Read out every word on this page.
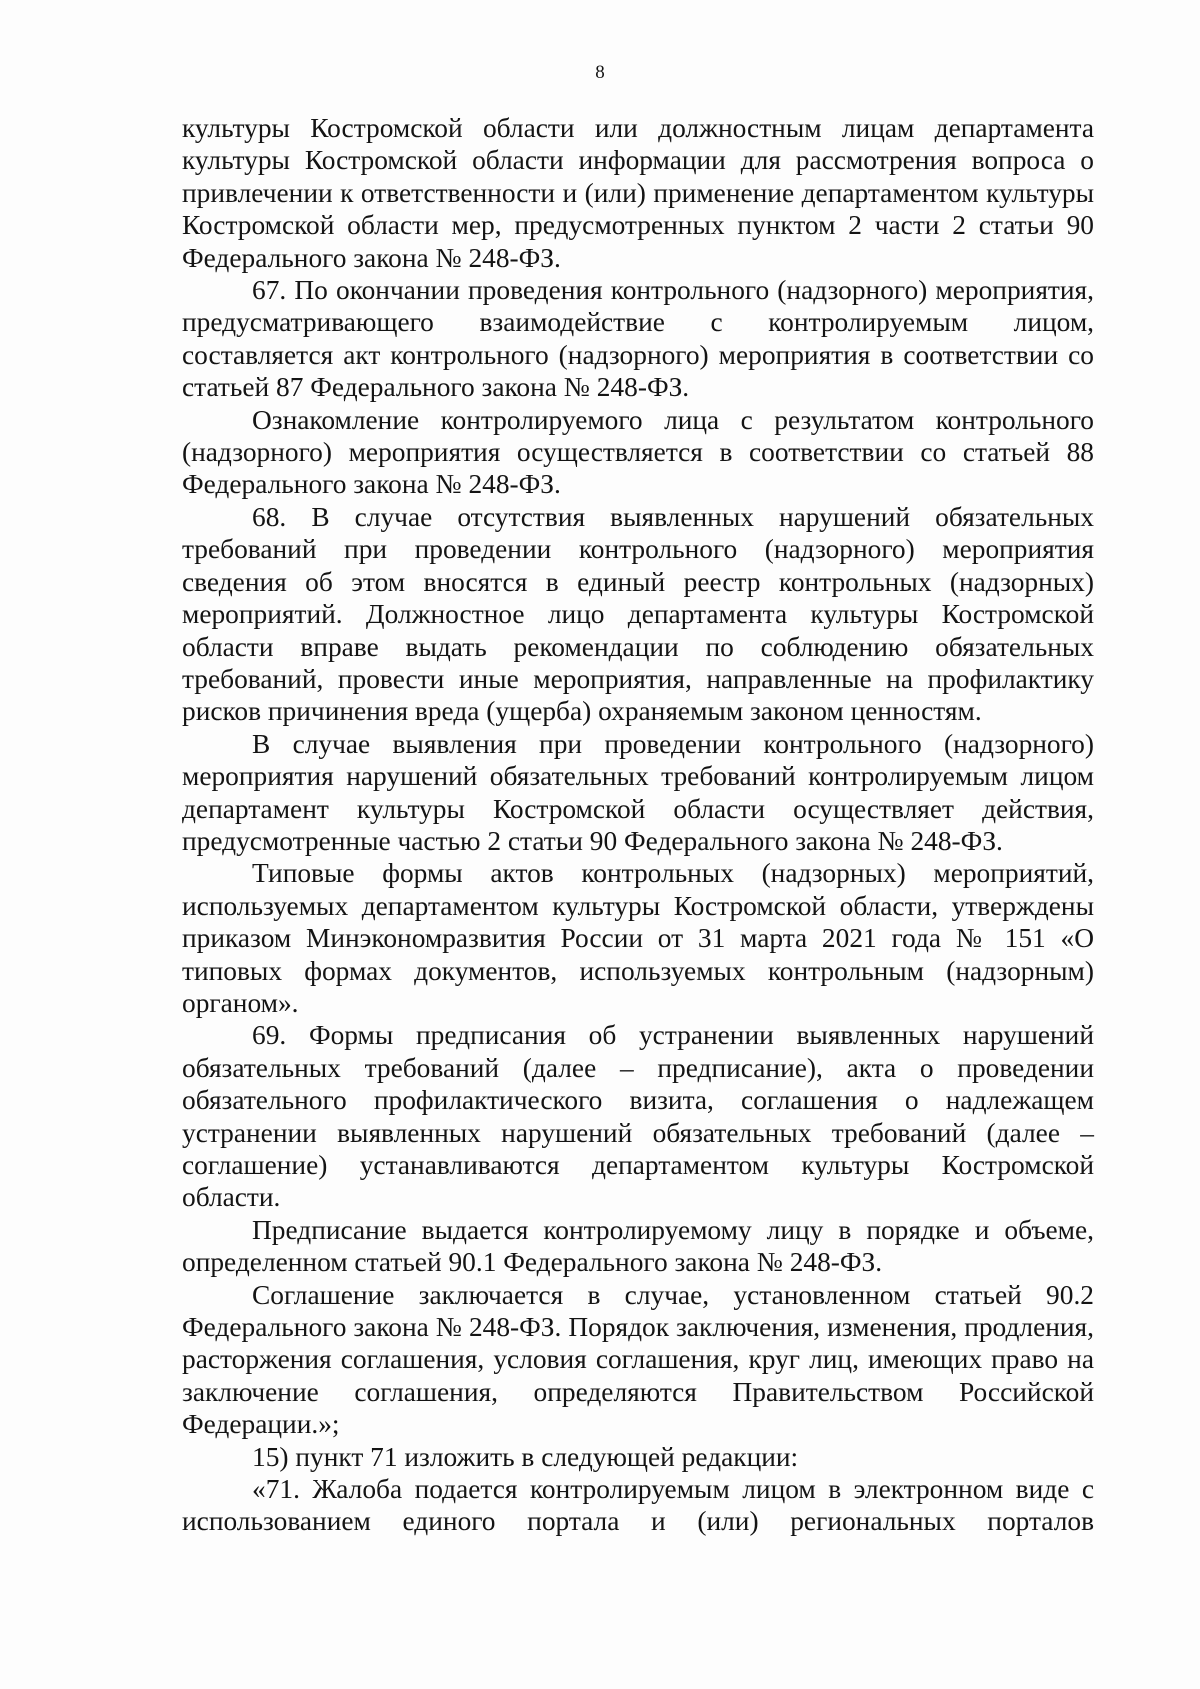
8

культуры Костромской области или должностным лицам департамента культуры Костромской области информации для рассмотрения вопроса о привлечении к ответственности и (или) применение департаментом культуры Костромской области мер, предусмотренных пунктом 2 части 2 статьи 90 Федерального закона № 248-ФЗ.

67. По окончании проведения контрольного (надзорного) мероприятия, предусматривающего взаимодействие с контролируемым лицом, составляется акт контрольного (надзорного) мероприятия в соответствии со статьей 87 Федерального закона № 248-ФЗ.

Ознакомление контролируемого лица с результатом контрольного (надзорного) мероприятия осуществляется в соответствии со статьей 88 Федерального закона № 248-ФЗ.

68. В случае отсутствия выявленных нарушений обязательных требований при проведении контрольного (надзорного) мероприятия сведения об этом вносятся в единый реестр контрольных (надзорных) мероприятий. Должностное лицо департамента культуры Костромской области вправе выдать рекомендации по соблюдению обязательных требований, провести иные мероприятия, направленные на профилактику рисков причинения вреда (ущерба) охраняемым законом ценностям.

В случае выявления при проведении контрольного (надзорного) мероприятия нарушений обязательных требований контролируемым лицом департамент культуры Костромской области осуществляет действия, предусмотренные частью 2 статьи 90 Федерального закона № 248-ФЗ.

Типовые формы актов контрольных (надзорных) мероприятий, используемых департаментом культуры Костромской области, утверждены приказом Минэкономразвития России от 31 марта 2021 года № 151 «О типовых формах документов, используемых контрольным (надзорным) органом».

69. Формы предписания об устранении выявленных нарушений обязательных требований (далее – предписание), акта о проведении обязательного профилактического визита, соглашения о надлежащем устранении выявленных нарушений обязательных требований (далее – соглашение) устанавливаются департаментом культуры Костромской области.

Предписание выдается контролируемому лицу в порядке и объеме, определенном статьей 90.1 Федерального закона № 248-ФЗ.

Соглашение заключается в случае, установленном статьей 90.2 Федерального закона № 248-ФЗ. Порядок заключения, изменения, продления, расторжения соглашения, условия соглашения, круг лиц, имеющих право на заключение соглашения, определяются Правительством Российской Федерации.»;

15) пункт 71 изложить в следующей редакции:

«71. Жалоба подается контролируемым лицом в электронном виде с использованием единого портала и (или) региональных порталов
